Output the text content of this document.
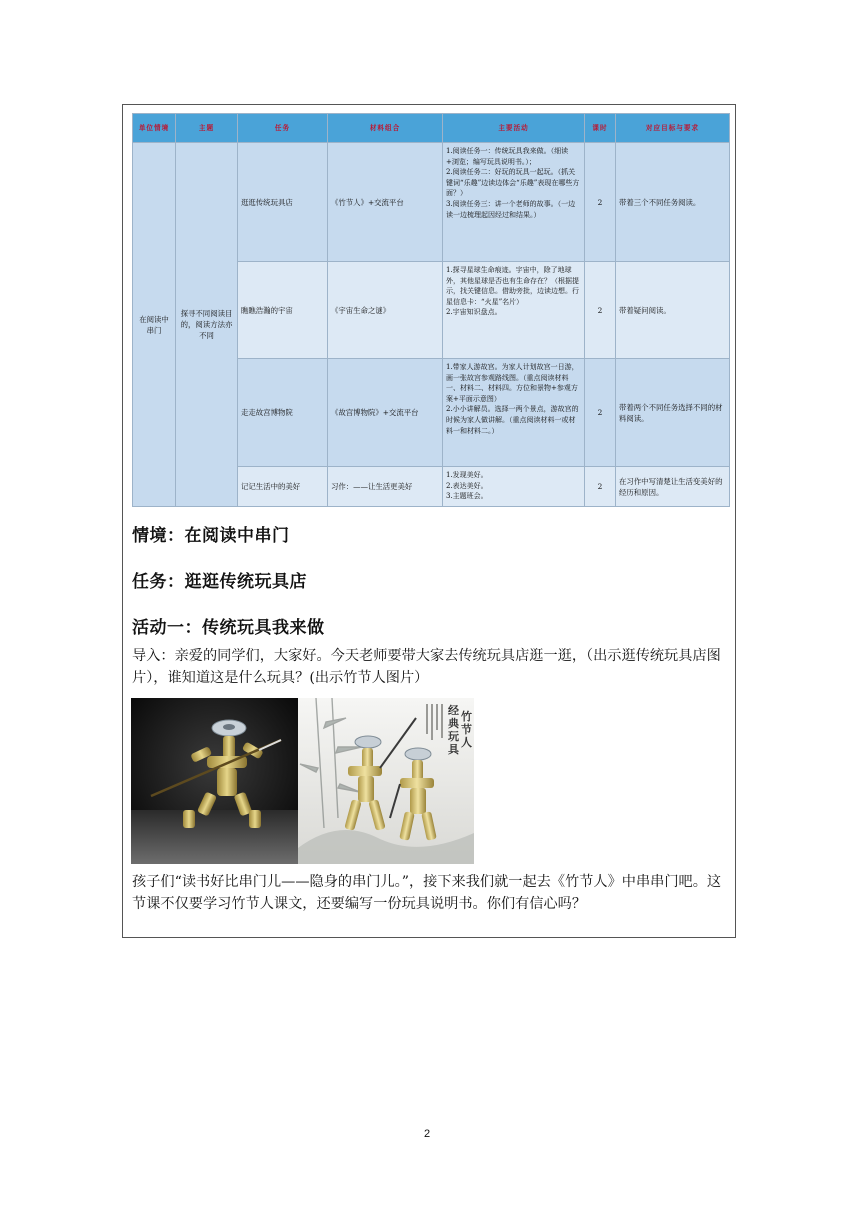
单位情境	主题	任务	材料组合	主要活动	课时	对应目标与要求
在阅读中串门	探寻不同阅读目的，阅读方法亦不同	逛逛传统玩具店	《竹节人》+交流平台	1.阅读任务一：传统玩具我来做。（细读+浏览；编写玩具说明书。）；
2.阅读任务二：好玩的玩具一起玩。（抓关键词“乐趣”边读边体会“乐趣”表现在哪些方面？）
3.阅读任务三：讲一个老师的故事。（一边读一边梳理起因经过和结果。）	2	带着三个不同任务阅读。
		瞧瞧浩瀚的宇宙	《宇宙生命之谜》	1.探寻星球生命痕迹。宇宙中，除了地球外，其他星球是否也有生命存在？（根据提示，找关键信息。借助旁批，边读边想。行星信息卡：“火星”名片）
2.宇宙知识盘点。	2	带着疑问阅读。
		走走故宫博物院	《故宫博物院》+交流平台	1.带家人游故宫。为家人计划故宫一日游，画一张故宫参观路线图。（重点阅读材料一、材料二、材料四。方位和景物+参观方案+平面示意图）
2.小小讲解员。选择一两个景点，游故宫的时候为家人做讲解。（重点阅读材料一或材料一和材料二。）	2	带着两个不同任务选择不同的材料阅读。
		记记生活中的美好	习作：——让生活更美好	1.发现美好。
2.表达美好。
3.主题班会。	2	在习作中写清楚让生活变美好的经历和原因。
情境：在阅读中串门
任务：逛逛传统玩具店
活动一：传统玩具我来做
导入：亲爱的同学们，大家好。今天老师要带大家去传统玩具店逛一逛，（出示逛传统玩具店图片），谁知道这是什么玩具？(出示竹节人图片）
经典玩具竹节人
孩子们“读书好比串门儿——隐身的串门儿。”，接下来我们就一起去《竹节人》中串串门吧。这节课不仅要学习竹节人课文，还要编写一份玩具说明书。你们有信心吗？
2
